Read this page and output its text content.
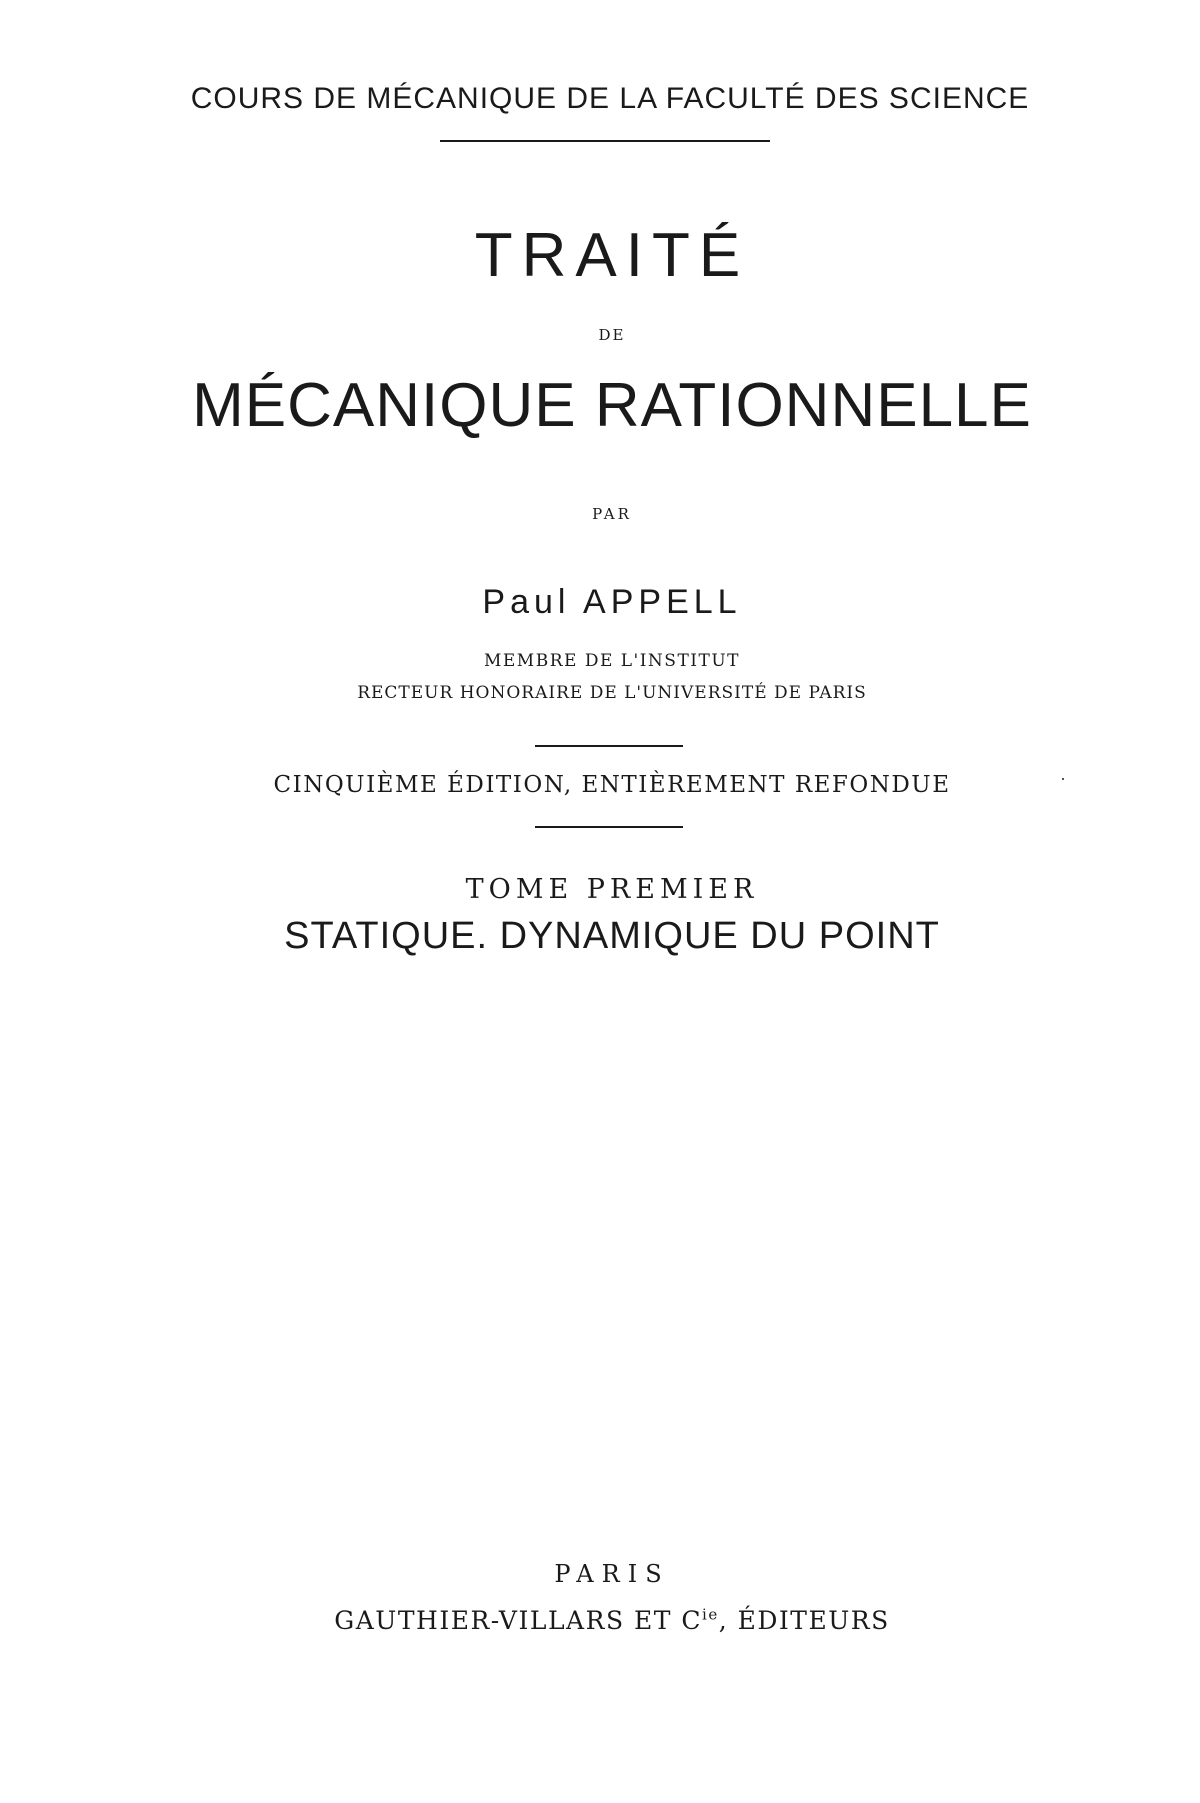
COURS DE MÉCANIQUE DE LA FACULTÉ DES SCIENCE
TRAITÉ
DE
MÉCANIQUE RATIONNELLE
PAR
Paul APPELL
MEMBRE DE L'INSTITUT
RECTEUR HONORAIRE DE L'UNIVERSITÉ DE PARIS
CINQUIÈME ÉDITION, ENTIÈREMENT REFONDUE
TOME PREMIER
STATIQUE. DYNAMIQUE DU POINT
PARIS
GAUTHIER-VILLARS ET $C^{ie}$, ÉDITEURS
